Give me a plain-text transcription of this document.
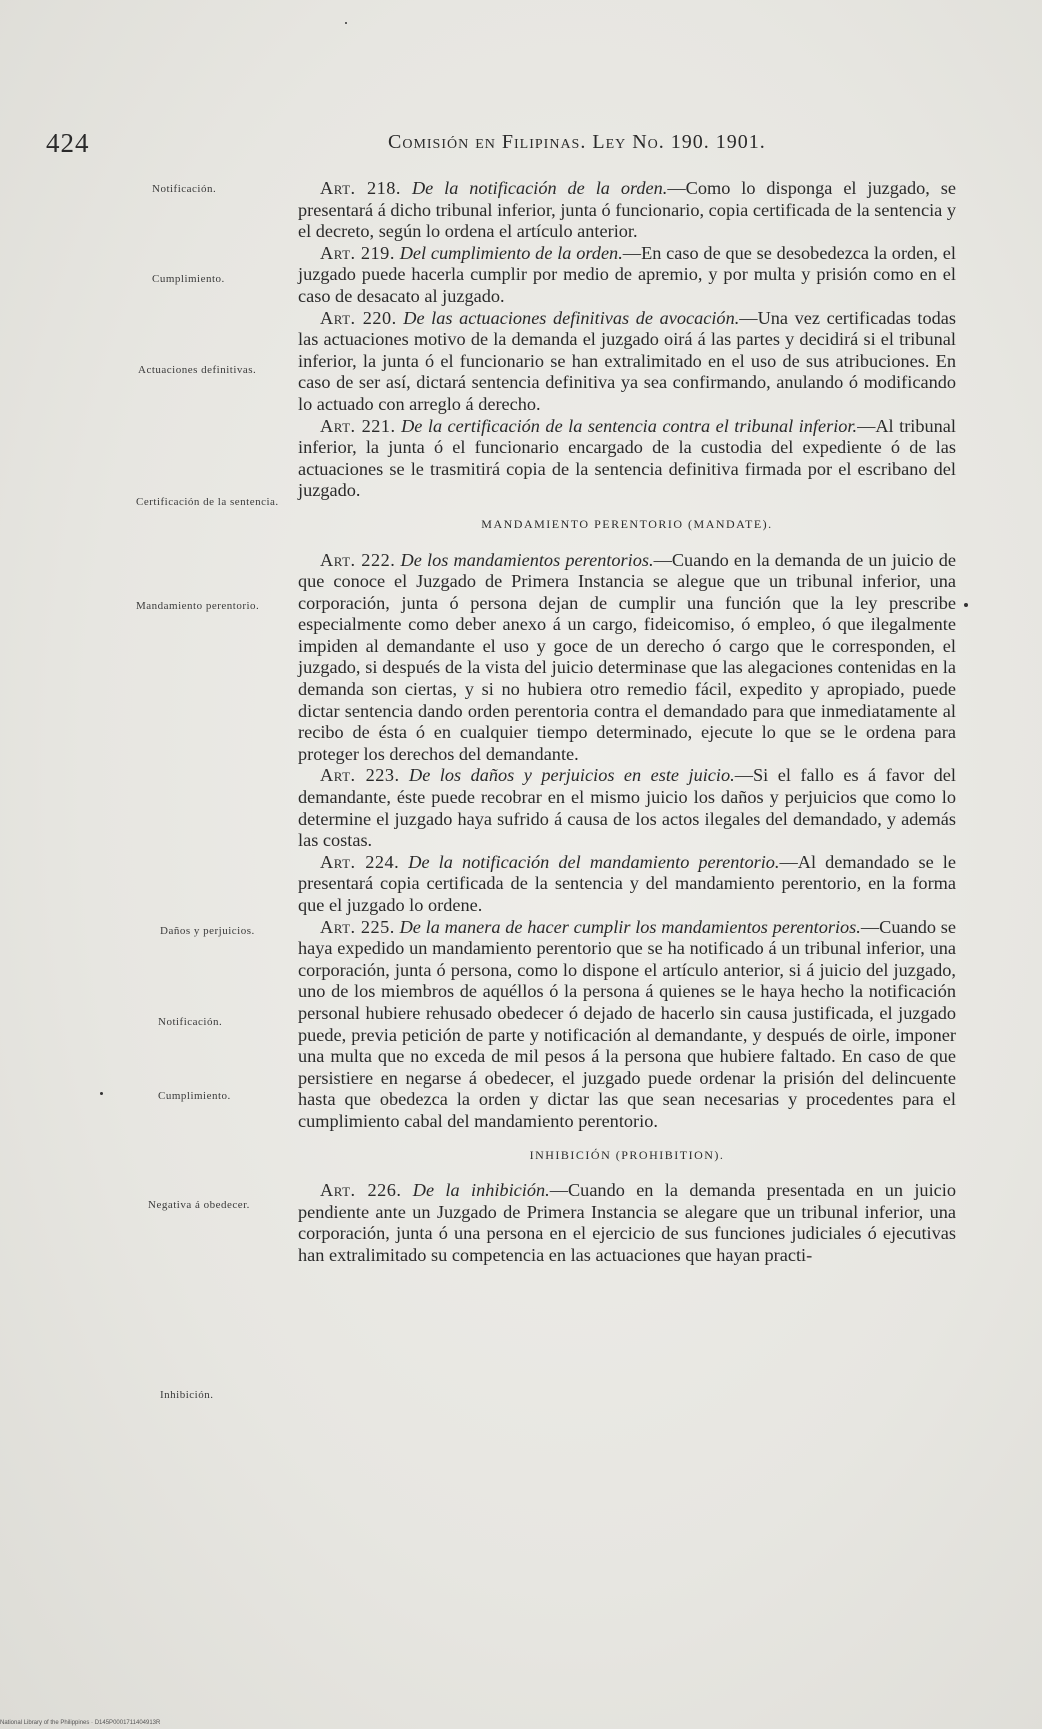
424	Comisión en Filipinas. Ley No. 190. 1901.
Notificación.
Cumplimiento.
Actuaciones definitivas.
Certificación de la sentencia.
Mandamiento perentorio.
Daños y perjuicios.
Notificación.
Cumplimiento.
Negativa á obedecer.
Inhibición.

Art. 218. De la notificación de la orden.—Como lo disponga el juzgado, se presentará á dicho tribunal inferior, junta ó funcionario, copia certificada de la sentencia y el decreto, según lo ordena el artículo anterior.

Art. 219. Del cumplimiento de la orden.—En caso de que se desobedezca la orden, el juzgado puede hacerla cumplir por medio de apremio, y por multa y prisión como en el caso de desacato al juzgado.

Art. 220. De las actuaciones definitivas de avocación.—Una vez certificadas todas las actuaciones motivo de la demanda el juzgado oirá á las partes y decidirá si el tribunal inferior, la junta ó el funcionario se han extralimitado en el uso de sus atribuciones. En caso de ser así, dictará sentencia definitiva ya sea confirmando, anulando ó modificando lo actuado con arreglo á derecho.

Art. 221. De la certificación de la sentencia contra el tribunal inferior.—Al tribunal inferior, la junta ó el funcionario encargado de la custodia del expediente ó de las actuaciones se le trasmitirá copia de la sentencia definitiva firmada por el escribano del juzgado.

MANDAMIENTO PERENTORIO (MANDATE).

Art. 222. De los mandamientos perentorios.—Cuando en la demanda de un juicio de que conoce el Juzgado de Primera Instancia se alegue que un tribunal inferior, una corporación, junta ó persona dejan de cumplir una función que la ley prescribe especialmente como deber anexo á un cargo, fideicomiso, ó empleo, ó que ilegalmente impiden al demandante el uso y goce de un derecho ó cargo que le corresponden, el juzgado, si después de la vista del juicio determinase que las alegaciones contenidas en la demanda son ciertas, y si no hubiera otro remedio fácil, expedito y apropiado, puede dictar sentencia dando orden perentoria contra el demandado para que inmediatamente al recibo de ésta ó en cualquier tiempo determinado, ejecute lo que se le ordena para proteger los derechos del demandante.

Art. 223. De los daños y perjuicios en este juicio.—Si el fallo es á favor del demandante, éste puede recobrar en el mismo juicio los daños y perjuicios que como lo determine el juzgado haya sufrido á causa de los actos ilegales del demandado, y además las costas.

Art. 224. De la notificación del mandamiento perentorio.—Al demandado se le presentará copia certificada de la sentencia y del mandamiento perentorio, en la forma que el juzgado lo ordene.

Art. 225. De la manera de hacer cumplir los mandamientos perentorios.—Cuando se haya expedido un mandamiento perentorio que se ha notificado á un tribunal inferior, una corporación, junta ó persona, como lo dispone el artículo anterior, si á juicio del juzgado, uno de los miembros de aquéllos ó la persona á quienes se le haya hecho la notificación personal hubiere rehusado obedecer ó dejado de hacerlo sin causa justificada, el juzgado puede, previa petición de parte y notificación al demandante, y después de oirle, imponer una multa que no exceda de mil pesos á la persona que hubiere faltado. En caso de que persistiere en negarse á obedecer, el juzgado puede ordenar la prisión del delincuente hasta que obedezca la orden y dictar las que sean necesarias y procedentes para el cumplimiento cabal del mandamiento perentorio.

INHIBICIÓN (PROHIBITION).

Art. 226. De la inhibición.—Cuando en la demanda presentada en un juicio pendiente ante un Juzgado de Primera Instancia se alegare que un tribunal inferior, una corporación, junta ó una persona en el ejercicio de sus funciones judiciales ó ejecutivas han extralimitado su competencia en las actuaciones que hayan practi-

National Library of the Philippines · D145P0001711404913R
